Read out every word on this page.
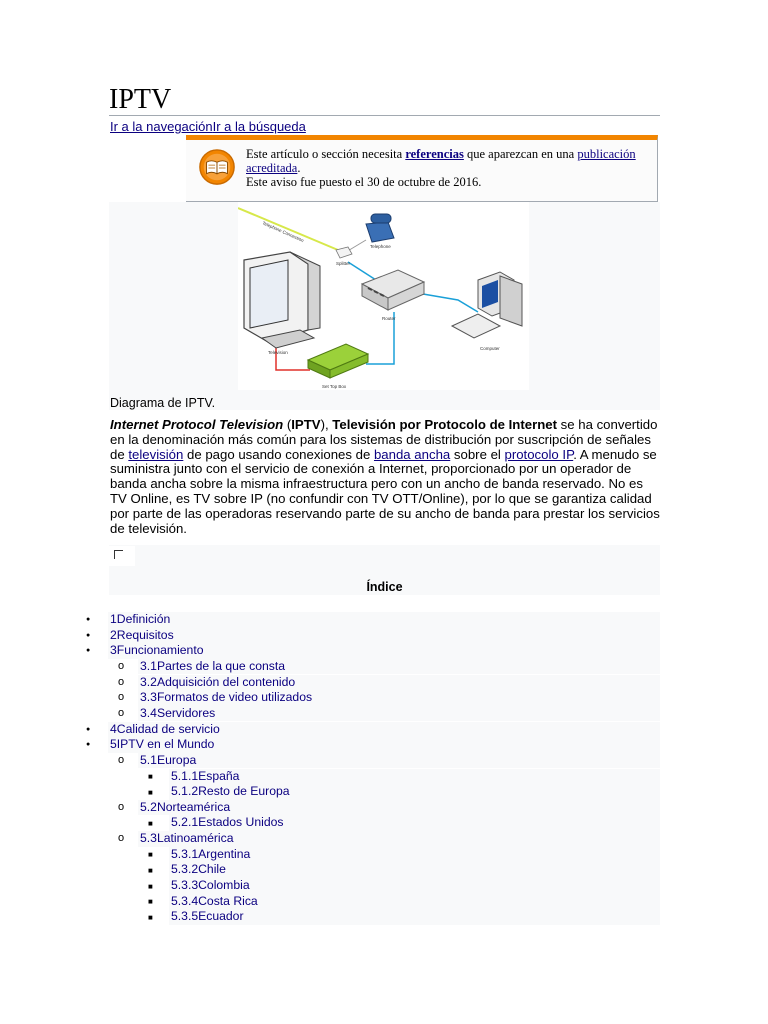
IPTV
Ir a la navegaciónIr a la búsqueda
Este artículo o sección necesita referencias que aparezcan en una publicación acreditada.
Este aviso fue puesto el 30 de octubre de 2016.
Telephone
Splitter
Telephone Connection
Router
Computer
Television
Set Top Box
Diagrama de IPTV.

Internet Protocol Television (IPTV), Televisión por Protocolo de Internet se ha convertido en la denominación más común para los sistemas de distribución por suscripción de señales de televisión de pago usando conexiones de banda ancha sobre el protocolo IP. A menudo se suministra junto con el servicio de conexión a Internet, proporcionado por un operador de banda ancha sobre la misma infraestructura pero con un ancho de banda reservado. No es TV Online, es TV sobre IP (no confundir con TV OTT/Online), por lo que se garantiza calidad por parte de las operadoras reservando parte de su ancho de banda para prestar los servicios de televisión.

Índice
● 1Definición
● 2Requisitos
● 3Funcionamiento
o 3.1Partes de la que consta
o 3.2Adquisición del contenido
o 3.3Formatos de video utilizados
o 3.4Servidores
● 4Calidad de servicio
● 5IPTV en el Mundo
o 5.1Europa
■ 5.1.1España
■ 5.1.2Resto de Europa
o 5.2Norteamérica
■ 5.2.1Estados Unidos
o 5.3Latinoamérica
■ 5.3.1Argentina
■ 5.3.2Chile
■ 5.3.3Colombia
■ 5.3.4Costa Rica
■ 5.3.5Ecuador
